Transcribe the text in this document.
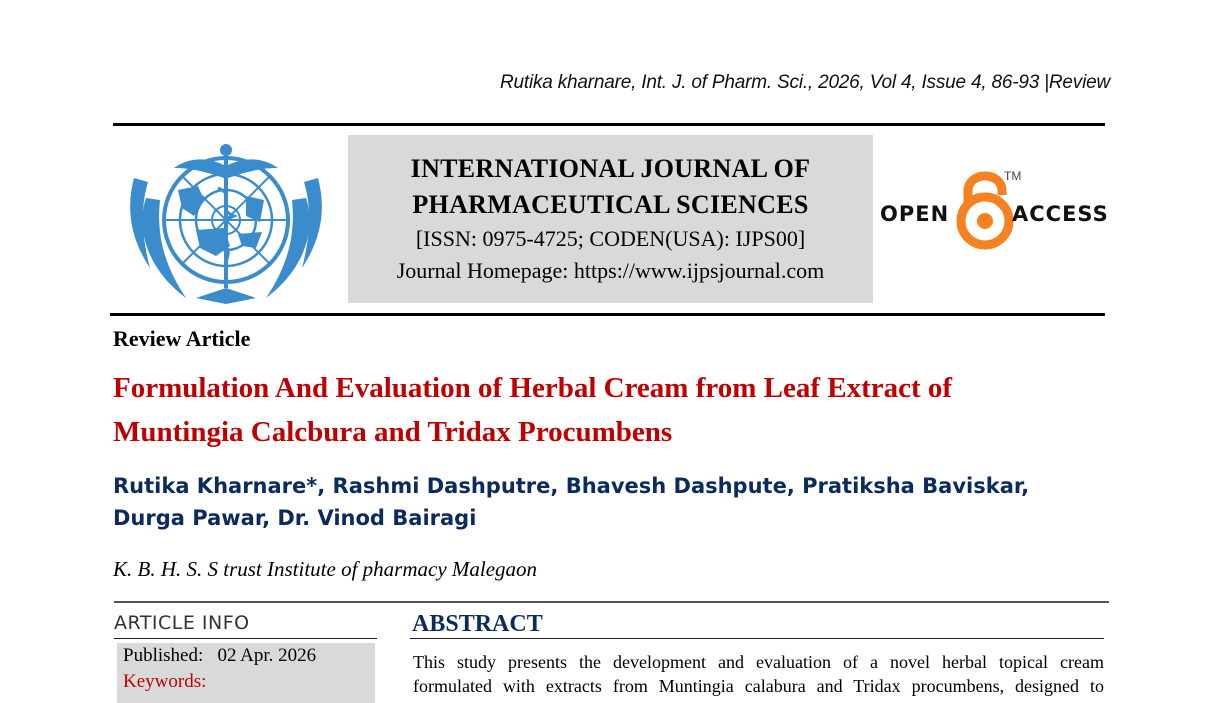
Rutika kharnare, Int. J. of Pharm. Sci., 2026, Vol 4, Issue 4, 86-93 |Review
INTERNATIONAL JOURNAL OF
PHARMACEUTICAL SCIENCES
[ISSN: 0975-4725; CODEN(USA): IJPS00]
Journal Homepage: https://www.ijpsjournal.com
OPEN
TM
ACCESS
Review Article
Formulation And Evaluation of Herbal Cream from Leaf Extract of
Muntingia Calcbura and Tridax Procumbens
Rutika Kharnare*, Rashmi Dashputre, Bhavesh Dashpute, Pratiksha Baviskar,
Durga Pawar, Dr. Vinod Bairagi
K. B. H. S. S trust Institute of pharmacy Malegaon
ARTICLE INFO
Published: 02 Apr. 2026
Keywords:
ABSTRACT
This study presents the development and evaluation of a novel herbal topical cream
formulated with extracts from Muntingia calabura and Tridax procumbens, designed to
